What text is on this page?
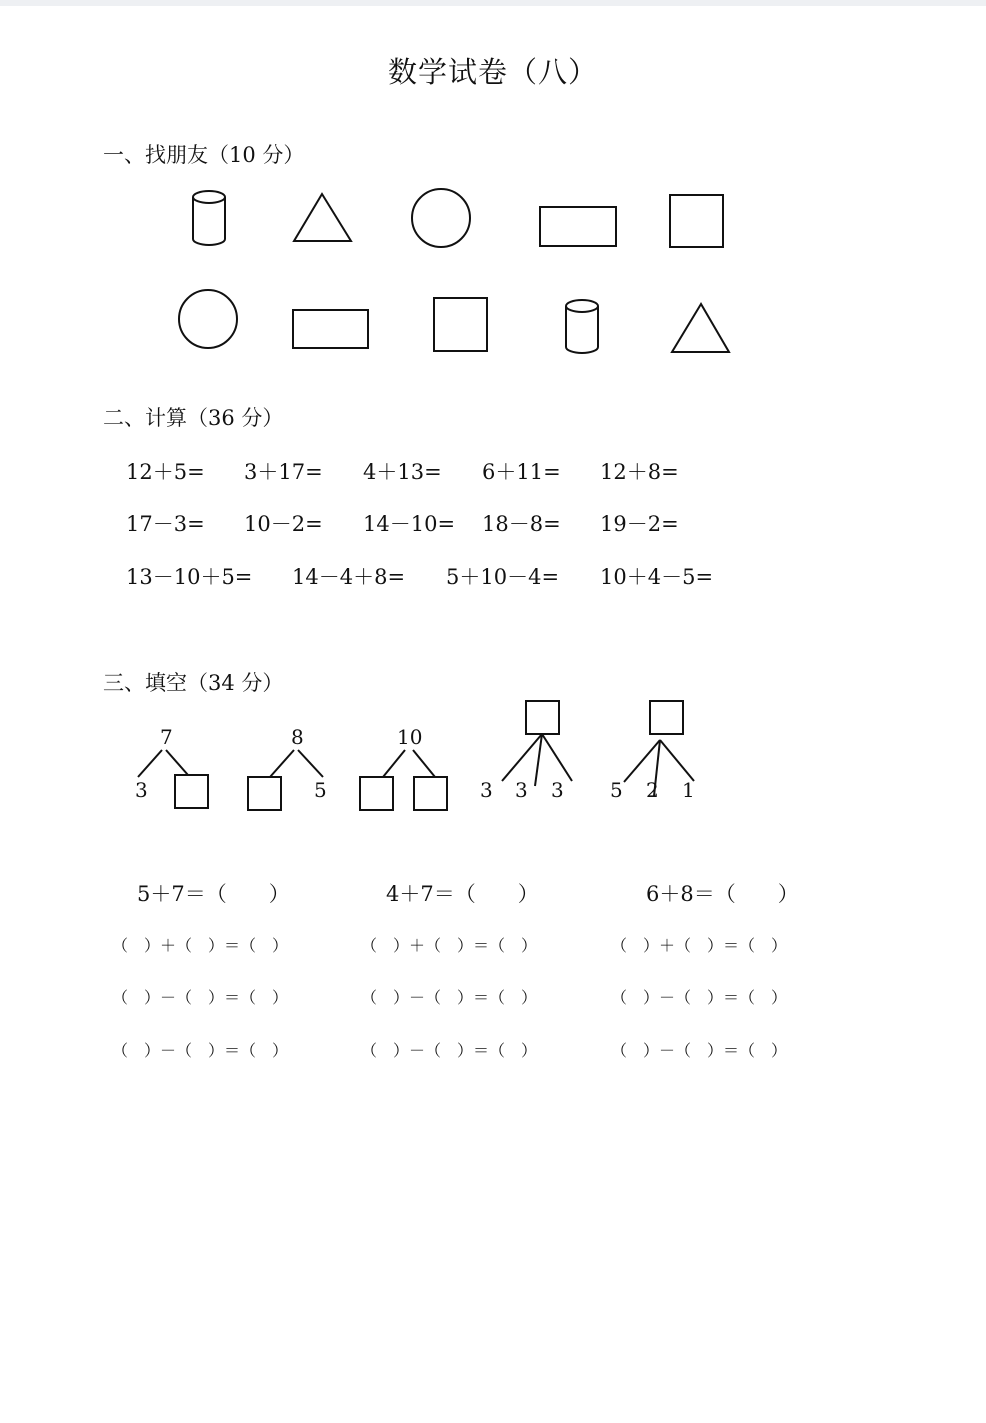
数学试卷（八）
一、找朋友（10 分）
二、计算（36 分）
12＋5= 3＋17= 4＋13= 6＋11= 12＋8=
17－3= 10－2= 14－10= 18－8= 19－2=
13－10＋5= 14－4＋8= 5＋10－4= 10＋4－5=
三、填空（34 分）
7
3
8
5
10
3 3 3 5 2 1
5＋7＝（　　）	4＋7＝（　　）	6＋8＝（　　）
（　）＋（　）＝（　）	（　）＋（　）＝（　）	（　）＋（　）＝（　）
（　）－（　）＝（　）	（　）－（　）＝（　）	（　）－（　）＝（　）
（　）－（　）＝（　）	（　）－（　）＝（　）	（　）－（　）＝（　）
